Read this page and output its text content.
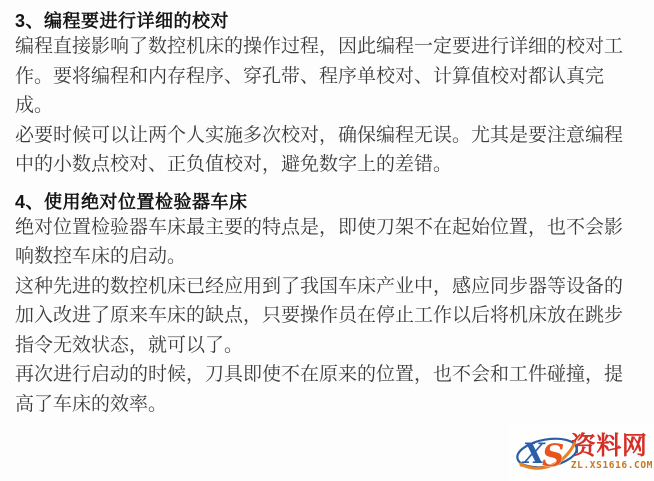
3、编程要进行详细的校对

编程直接影响了数控机床的操作过程，因此编程一定要进行详细的校对工作。要将编程和内存程序、穿孔带、程序单校对、计算值校对都认真完成。

必要时候可以让两个人实施多次校对，确保编程无误。尤其是要注意编程中的小数点校对、正负值校对，避免数字上的差错。

4、使用绝对位置检验器车床

绝对位置检验器车床最主要的特点是，即使刀架不在起始位置，也不会影响数控车床的启动。

这种先进的数控机床已经应用到了我国车床产业中，感应同步器等设备的加入改进了原来车床的缺点，只要操作员在停止工作以后将机床放在跳步指令无效状态，就可以了。

再次进行启动的时候，刀具即使不在原来的位置，也不会和工件碰撞，提高了车床的效率。

X
S 资料网
ZL.XS1616.COM
